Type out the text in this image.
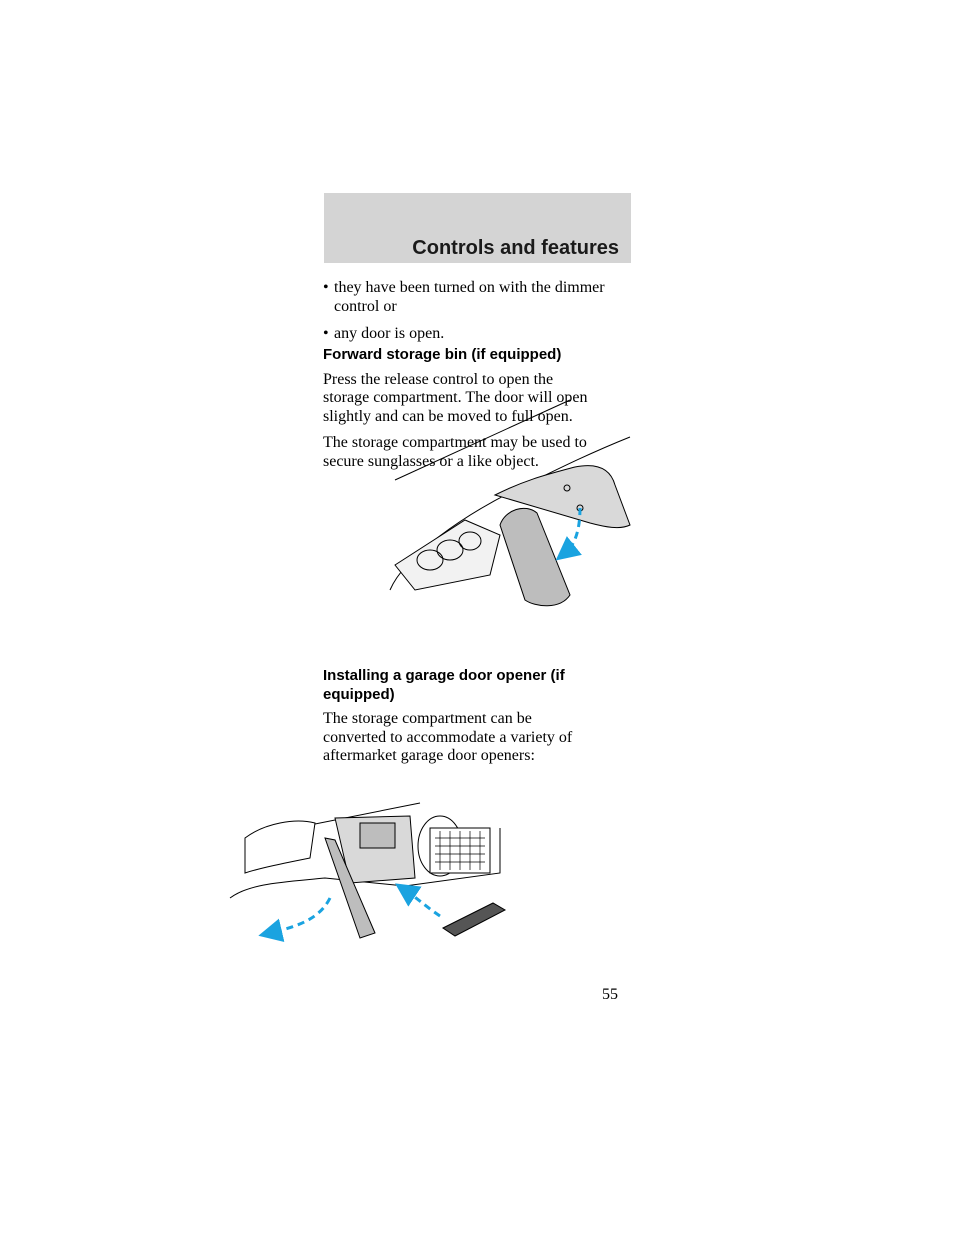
Controls and features
• they have been turned on with the dimmer control or
• any door is open.
Forward storage bin (if equipped)
Press the release control to open the storage compartment. The door will open slightly and can be moved to full open.
The storage compartment may be used to secure sunglasses or a like object.
Installing a garage door opener (if equipped)
The storage compartment can be converted to accommodate a variety of aftermarket garage door openers:
55
